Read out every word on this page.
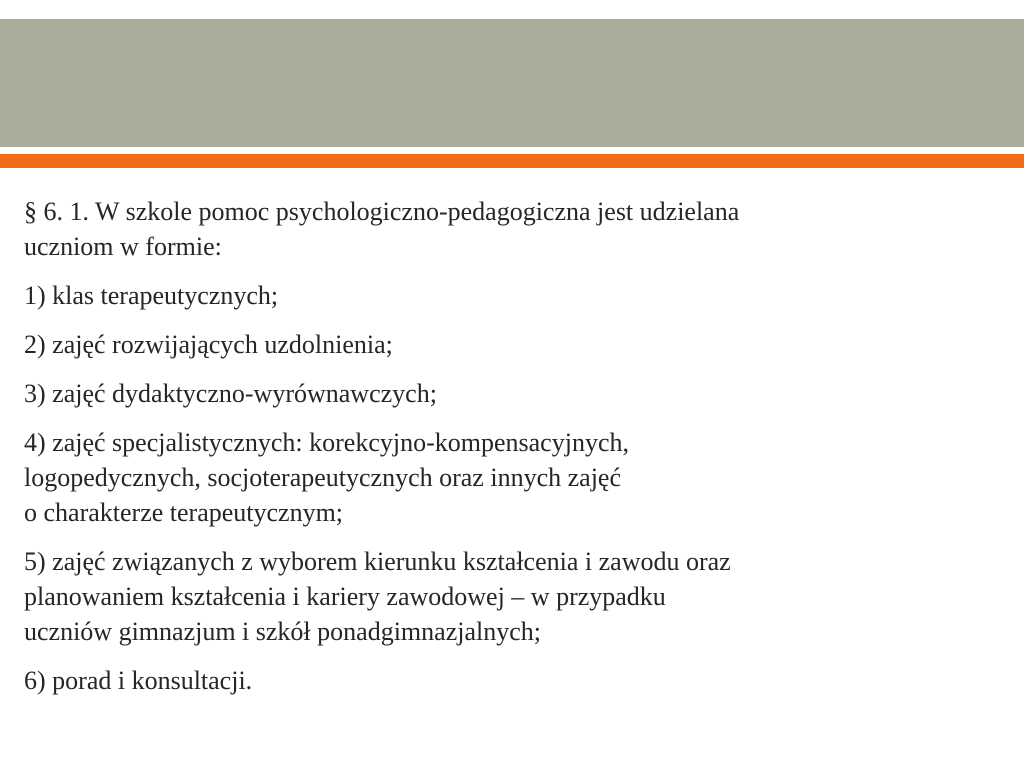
§ 6. 1. W szkole pomoc psychologiczno-pedagogiczna jest udzielana
uczniom w formie:

1) klas terapeutycznych;

2) zajęć rozwijających uzdolnienia;

3) zajęć dydaktyczno-wyrównawczych;

4) zajęć specjalistycznych: korekcyjno-kompensacyjnych,
logopedycznych, socjoterapeutycznych oraz innych zajęć
o charakterze terapeutycznym;

5) zajęć związanych z wyborem kierunku kształcenia i zawodu oraz
planowaniem kształcenia i kariery zawodowej – w przypadku
uczniów gimnazjum i szkół ponadgimnazjalnych;

6) porad i konsultacji.
